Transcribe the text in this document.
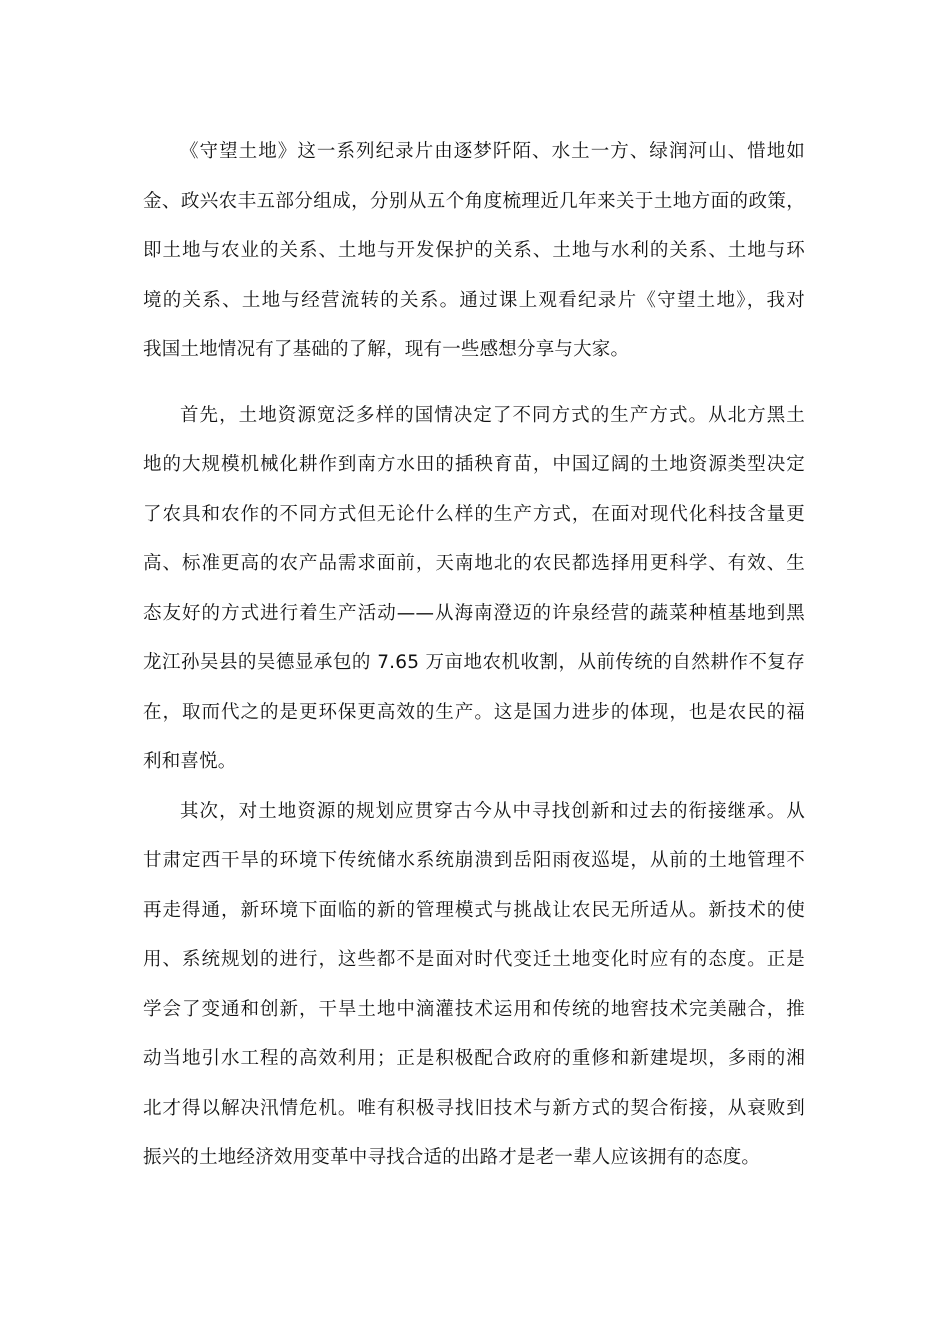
《守望土地》这一系列纪录片由逐梦阡陌、水土一方、绿润河山、惜地如
金、政兴农丰五部分组成，分别从五个角度梳理近几年来关于土地方面的政策，
即土地与农业的关系、土地与开发保护的关系、土地与水利的关系、土地与环
境的关系、土地与经营流转的关系。通过课上观看纪录片《守望土地》，我对
我国土地情况有了基础的了解，现有一些感想分享与大家。
首先，土地资源宽泛多样的国情决定了不同方式的生产方式。从北方黑土
地的大规模机械化耕作到南方水田的插秧育苗，中国辽阔的土地资源类型决定
了农具和农作的不同方式但无论什么样的生产方式，在面对现代化科技含量更
高、标准更高的农产品需求面前，天南地北的农民都选择用更科学、有效、生
态友好的方式进行着生产活动——从海南澄迈的许泉经营的蔬菜种植基地到黑
龙江孙吴县的吴德显承包的 7.65 万亩地农机收割，从前传统的自然耕作不复存
在，取而代之的是更环保更高效的生产。这是国力进步的体现，也是农民的福
利和喜悦。
其次，对土地资源的规划应贯穿古今从中寻找创新和过去的衔接继承。从
甘肃定西干旱的环境下传统储水系统崩溃到岳阳雨夜巡堤，从前的土地管理不
再走得通，新环境下面临的新的管理模式与挑战让农民无所适从。新技术的使
用、系统规划的进行，这些都不是面对时代变迁土地变化时应有的态度。正是
学会了变通和创新，干旱土地中滴灌技术运用和传统的地窖技术完美融合，推
动当地引水工程的高效利用；正是积极配合政府的重修和新建堤坝，多雨的湘
北才得以解决汛情危机。唯有积极寻找旧技术与新方式的契合衔接，从衰败到
振兴的土地经济效用变革中寻找合适的出路才是老一辈人应该拥有的态度。
